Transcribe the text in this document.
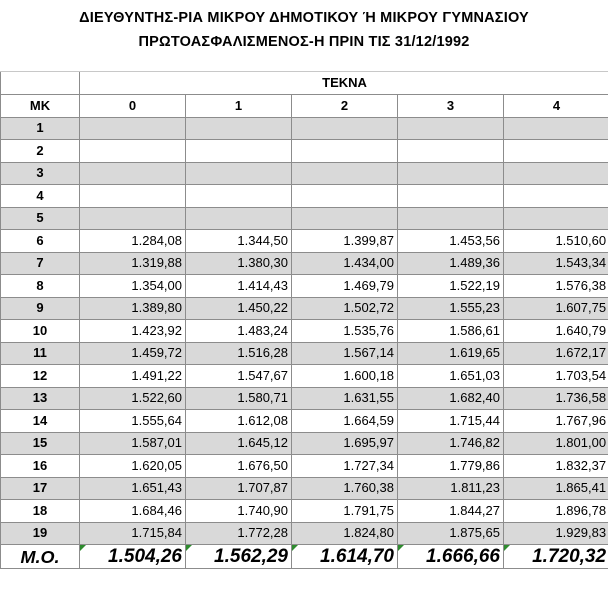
ΔΙΕΥΘΥΝΤΗΣ-ΡΙΑ ΜΙΚΡΟΥ ΔΗΜΟΤΙΚΟΥ Ή ΜΙΚΡΟΥ ΓΥΜΝΑΣΙΟΥ
ΠΡΩΤΟΑΣΦΑΛΙΣΜΕΝΟΣ-Η ΠΡΙΝ ΤΙΣ 31/12/1992
	ΤΕΚΝΑ				
ΜΚ	0	1	2	3	4
1					
2					
3					
4					
5					
6	1.284,08	1.344,50	1.399,87	1.453,56	1.510,60
7	1.319,88	1.380,30	1.434,00	1.489,36	1.543,34
8	1.354,00	1.414,43	1.469,79	1.522,19	1.576,38
9	1.389,80	1.450,22	1.502,72	1.555,23	1.607,75
10	1.423,92	1.483,24	1.535,76	1.586,61	1.640,79
11	1.459,72	1.516,28	1.567,14	1.619,65	1.672,17
12	1.491,22	1.547,67	1.600,18	1.651,03	1.703,54
13	1.522,60	1.580,71	1.631,55	1.682,40	1.736,58
14	1.555,64	1.612,08	1.664,59	1.715,44	1.767,96
15	1.587,01	1.645,12	1.695,97	1.746,82	1.801,00
16	1.620,05	1.676,50	1.727,34	1.779,86	1.832,37
17	1.651,43	1.707,87	1.760,38	1.811,23	1.865,41
18	1.684,46	1.740,90	1.791,75	1.844,27	1.896,78
19	1.715,84	1.772,28	1.824,80	1.875,65	1.929,83
Μ.Ο.	1.504,26	1.562,29	1.614,70	1.666,66	1.720,32
